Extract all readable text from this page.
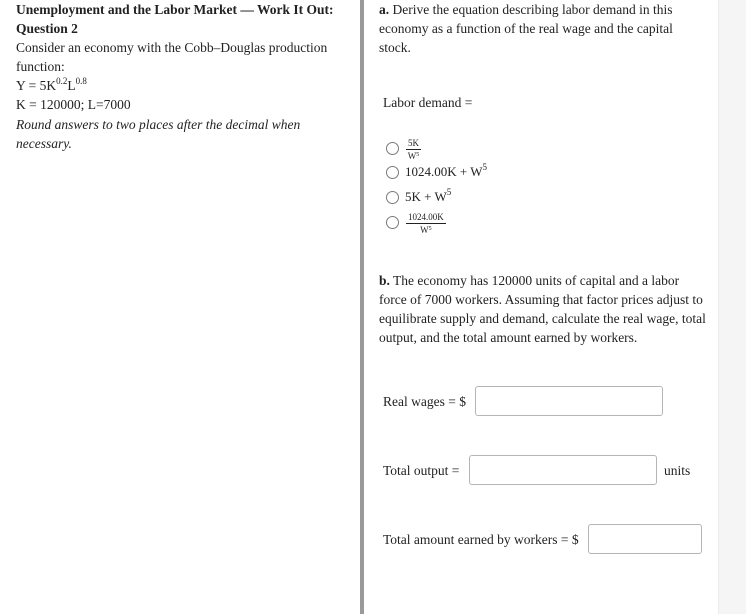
Unemployment and the Labor Market — Work It Out:
Question 2
Consider an economy with the Cobb–Douglas production
function:
$Y = 5K^{0.2}L^{0.8}$
K = 120000; L=7000
Round answers to two places after the decimal when
necessary.
a. Derive the equation describing labor demand in this
economy as a function of the real wage and the capital
stock.
Labor demand =
$\frac{5K}{W^5}$
$1024.00K + W^5$
$5K + W^5$
$\frac{1024.00K}{W^5}$
b. The economy has 120000 units of capital and a labor
force of 7000 workers. Assuming that factor prices adjust to
equilibrate supply and demand, calculate the real wage, total
output, and the total amount earned by workers.
Real wages = $
Total output =	units
Total amount earned by workers = $
